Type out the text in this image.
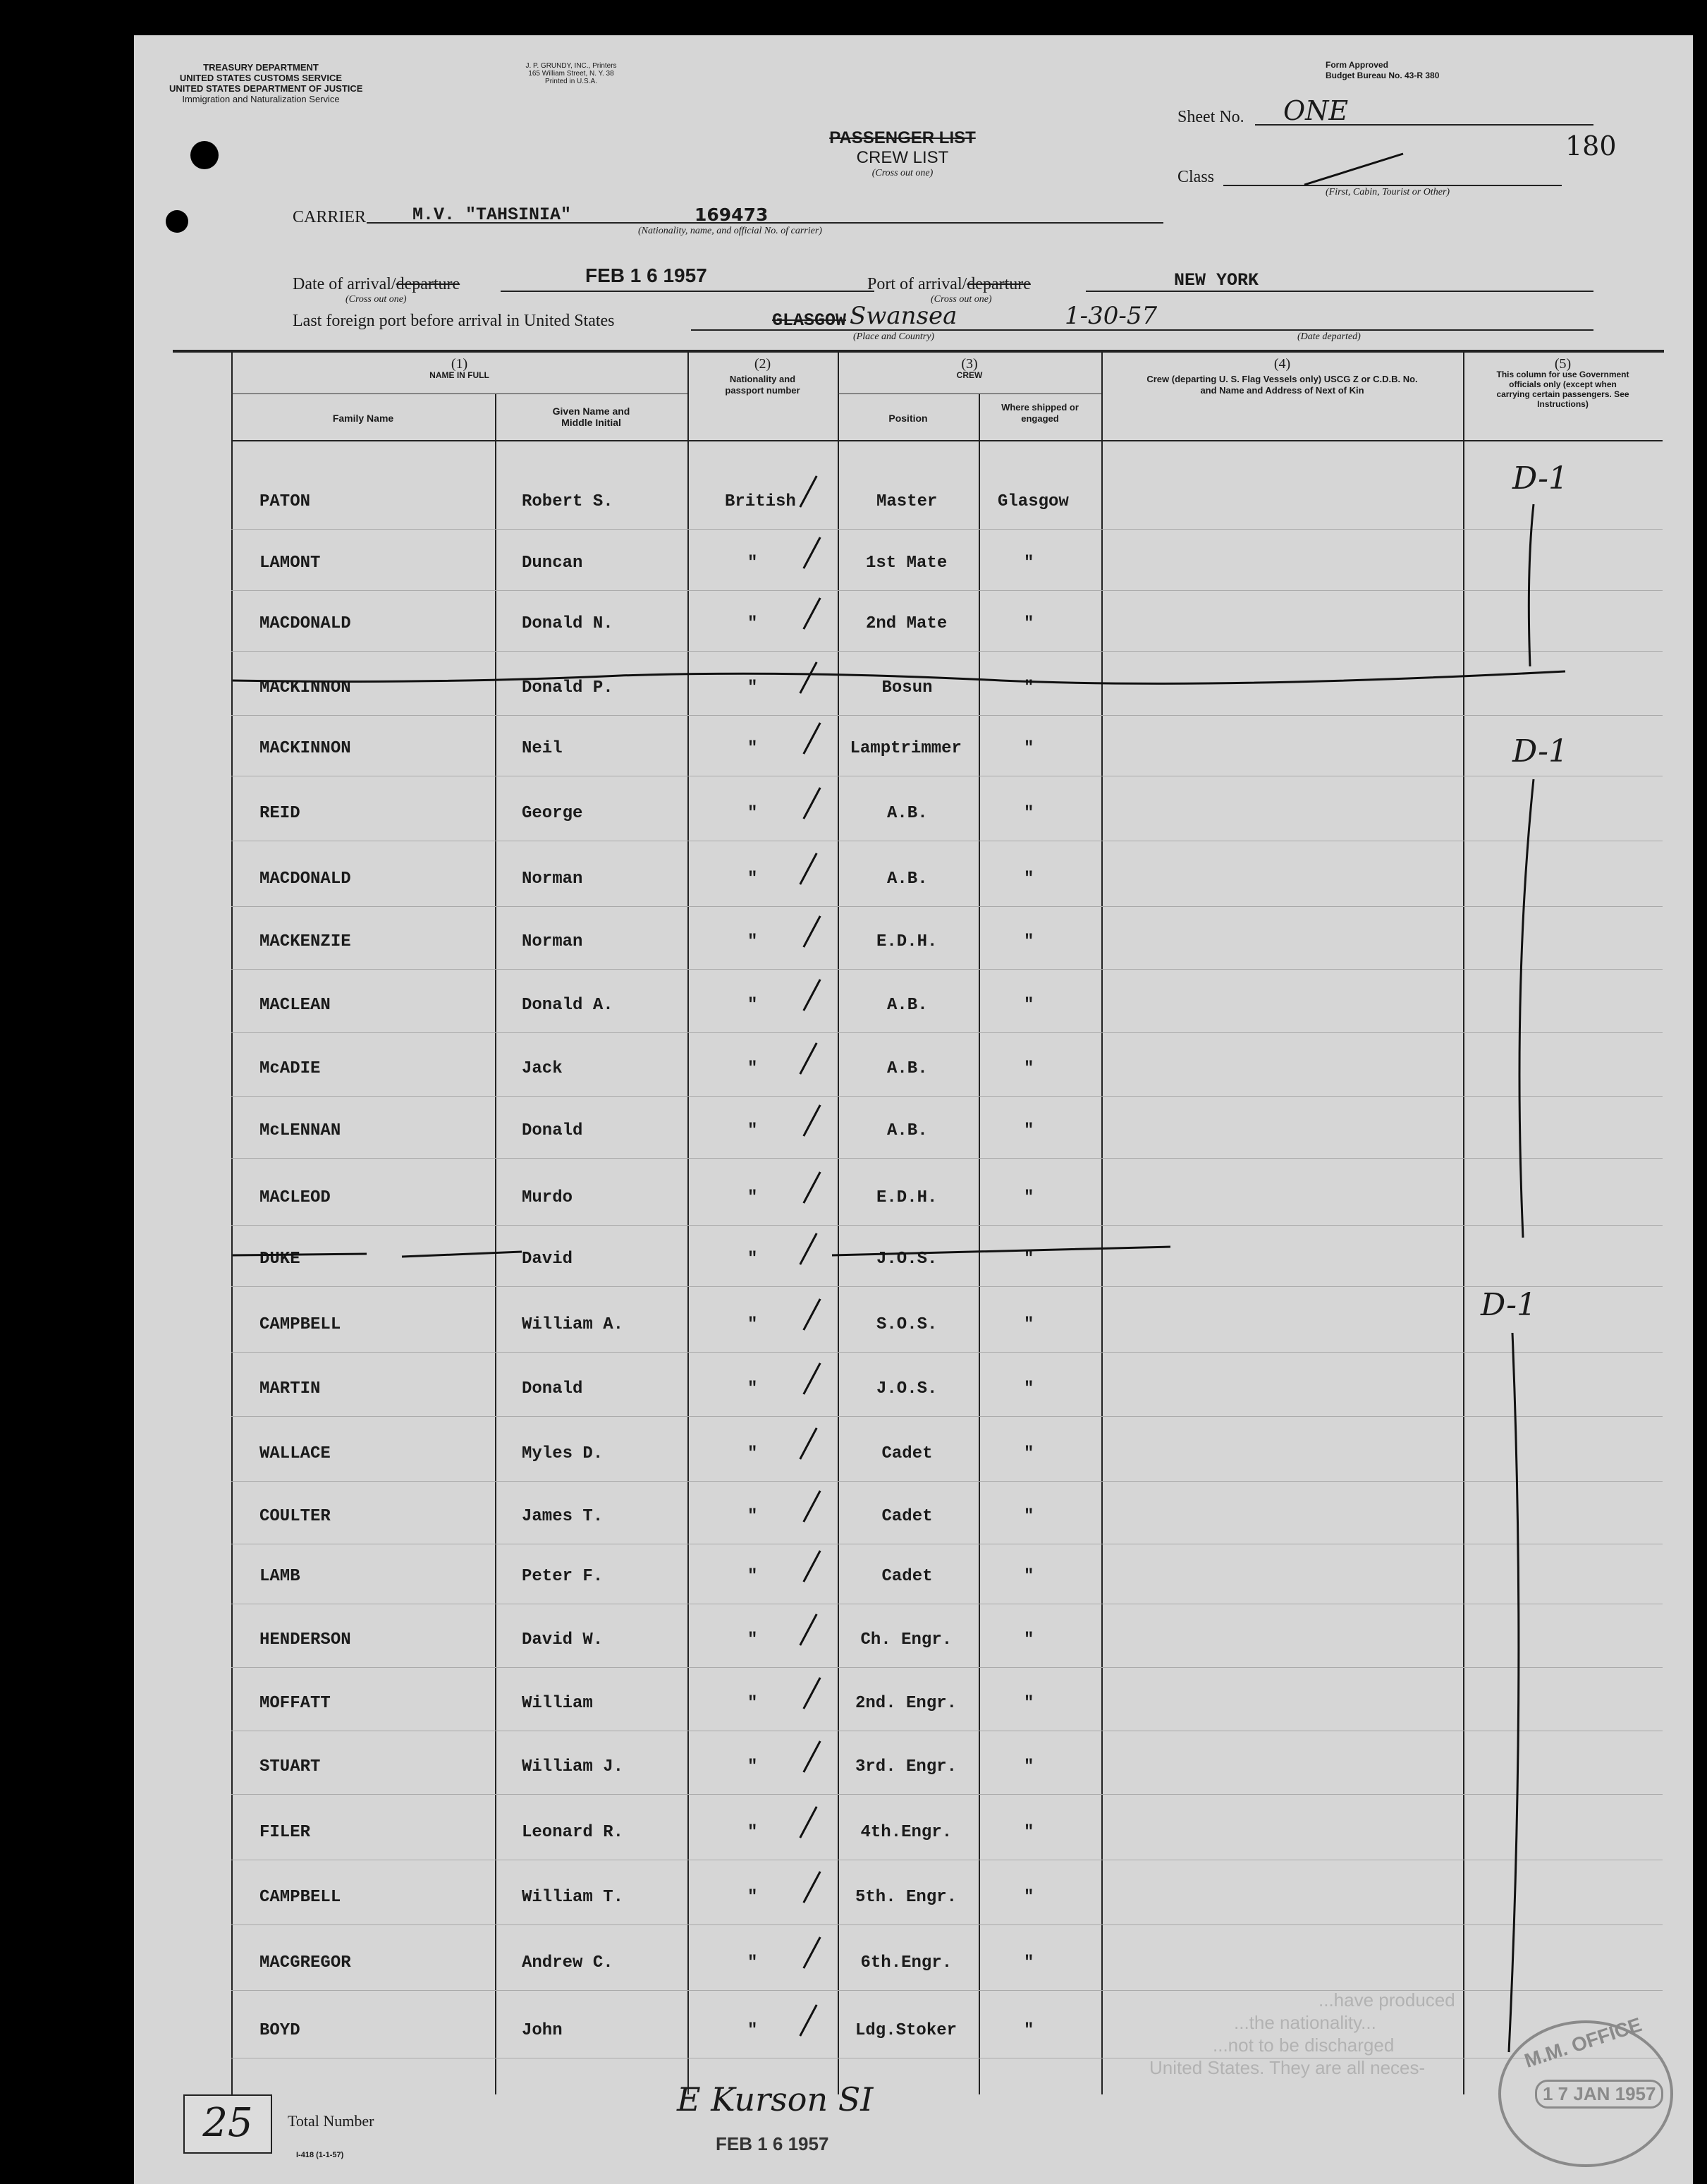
TREASURY DEPARTMENT
UNITED STATES CUSTOMS SERVICE
UNITED STATES DEPARTMENT OF JUSTICE
Immigration and Naturalization Service
J. P. GRUNDY, INC., Printers
165 William Street, N. Y. 38
Printed in U.S.A.
Form Approved
Budget Bureau No. 43-R 380
PASSENGER LIST
CREW LIST
(Cross out one)
Sheet No. ONE
180
Class
(First, Cabin, Tourist or Other)
CARRIER	M.V. "TAHSINIA"	169473
(Nationality, name, and official No. of carrier)
Date of arrival/departure
(Cross out one)
FEB 1 6 1957	Port of arrival/departure
(Cross out one)
NEW YORK
Last foreign port before arrival in United States	GLASGOW Swansea	1-30-57
(Place and Country)	(Date departed)
(1)
NAME IN FULL
Family Name
Given Name and Middle Initial
(2)
Nationality and passport number
(3)
CREW
Position
Where shipped or engaged
(4)
Crew (departing U. S. Flag Vessels only) USCG Z or C.D.B. No. and Name and Address of Next of Kin
(5)
This column for use Government officials only (except when carrying certain passengers. See Instructions)
PATON	Robert S.	British	Master	Glasgow
LAMONT	Duncan	"	1st Mate	"
MACDONALD	Donald N.	"	2nd Mate	"
MACKINNON	Donald P.	"	Bosun	"
MACKINNON	Neil	"	Lamptrimmer	"
REID	George	"	A.B.	"
MACDONALD	Norman	"	A.B.	"
MACKENZIE	Norman	"	E.D.H.	"
MACLEAN	Donald A.	"	A.B.	"
McADIE	Jack	"	A.B.	"
McLENNAN	Donald	"	A.B.	"
MACLEOD	Murdo	"	E.D.H.	"
DUKE	David	"	J.O.S.	"
CAMPBELL	William A.	"	S.O.S.	"
MARTIN	Donald	"	J.O.S.	"
WALLACE	Myles D.	"	Cadet	"
COULTER	James T.	"	Cadet	"
LAMB	Peter F.	"	Cadet	"
HENDERSON	David W.	"	Ch. Engr.	"
MOFFATT	William	"	2nd. Engr.	"
STUART	William J.	"	3rd. Engr.	"
FILER	Leonard R.	"	4th.Engr.	"
CAMPBELL	William T.	"	5th. Engr.	"
MACGREGOR	Andrew C.	"	6th.Engr.	"
BOYD	John	"	Ldg.Stoker	"
D-1
D-1
D-1
...have produced
...the nationality...
...not to be discharged
United States. They are all neces-
25	Total Number
I-418 (1-1-57)
E Kurson SI
FEB 1 6 1957
M.M. OFFICE
1 7 JAN 1957
